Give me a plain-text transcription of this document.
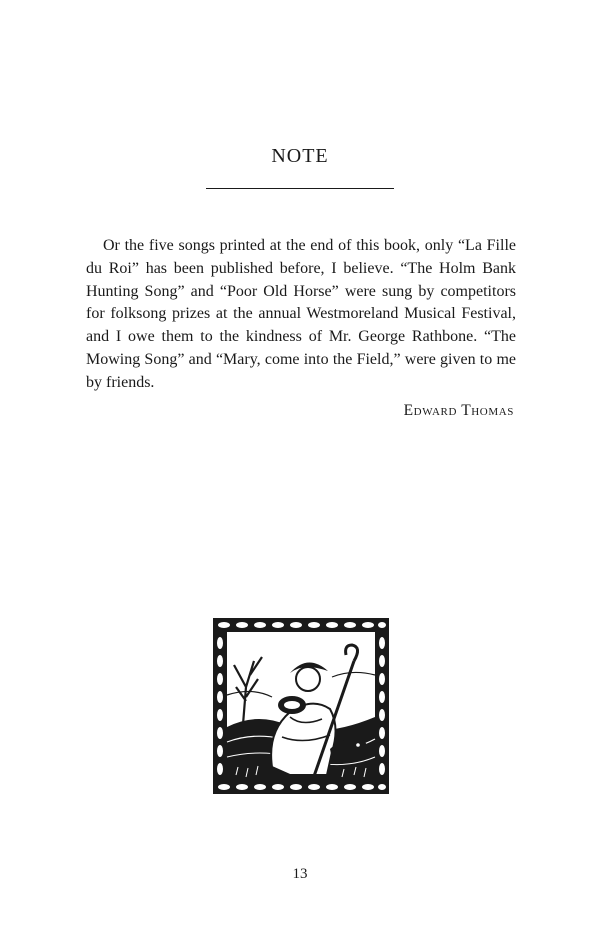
NOTE

Or the five songs printed at the end of this book, only “La Fille du Roi” has been published before, I believe. “The Holm Bank Hunting Song” and “Poor Old Horse” were sung by competitors for folksong prizes at the annual Westmoreland Musical Festival, and I owe them to the kindness of Mr. George Rathbone. “The Mowing Song” and “Mary, come into the Field,” were given to me by friends.

Edward Thomas
13
